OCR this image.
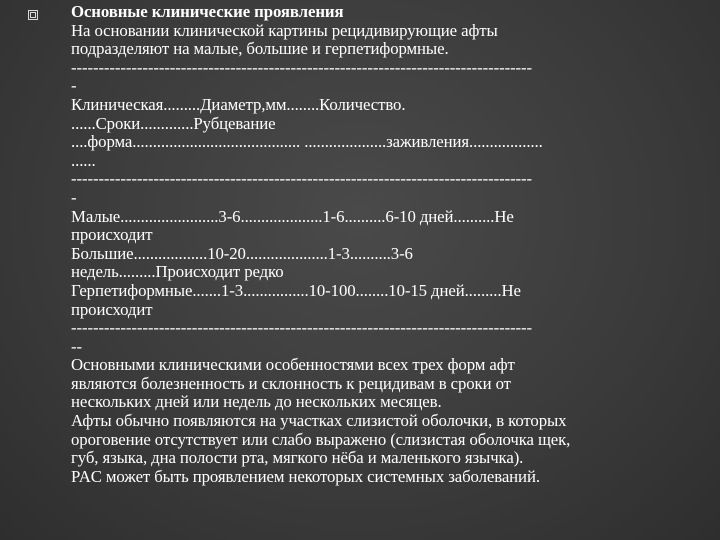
Основные клинические проявления
На основании клинической картины рецидивирующие афты
подразделяют на малые, большие и герпетиформные.
------------------------------------------------------------------------------------
-
Клиническая.........Диаметр,мм........Количество.
......Сроки.............Рубцевание
....форма......................................... ....................заживления..................
......
------------------------------------------------------------------------------------
-
Малые........................3-6....................1-6..........6-10 дней..........Не
происходит
Большие..................10-20....................1-3..........3-6
недель.........Происходит редко
Герпетиформные.......1-3................10-100........10-15 дней.........Не
происходит
------------------------------------------------------------------------------------
--
Основными клиническими особенностями всех трех форм афт
являются болезненность и склонность к рецидивам в сроки от
нескольких дней или недель до нескольких месяцев.
Афты обычно появляются на участках слизистой оболочки, в которых
ороговение отсутствует или слабо выражено (слизистая оболочка щек,
губ, языка, дна полости рта, мягкого нёба и маленького язычка).
PAC может быть проявлением некоторых системных заболеваний.
